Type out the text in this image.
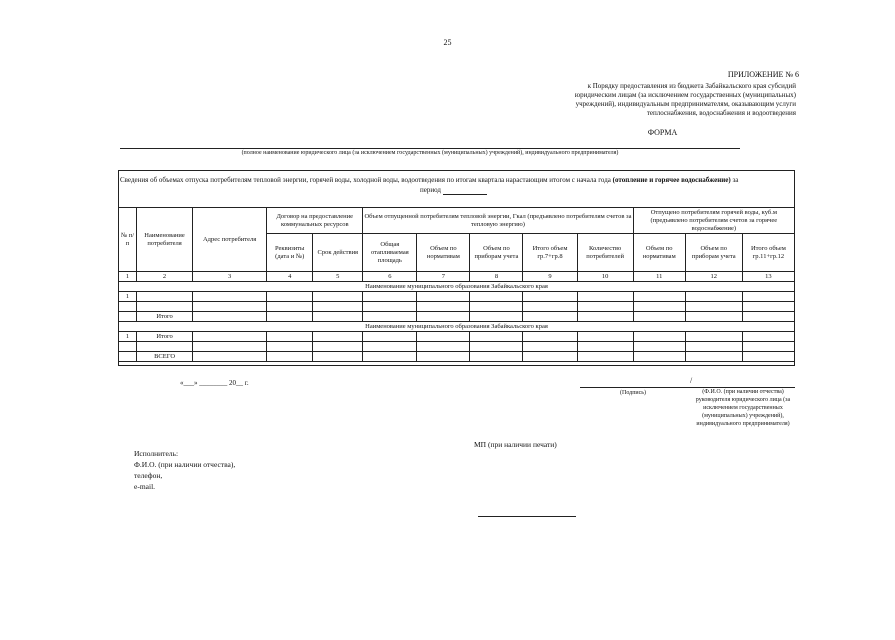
25
ПРИЛОЖЕНИЕ № 6
к Порядку предоставления из бюджета Забайкальского края субсидий
юридическим лицам (за исключением государственных (муниципальных)
учреждений), индивидуальным предпринимателям, оказывающим услуги
теплоснабжения, водоснабжения и водоотведения
ФОРМА
(полное наименование юридического лица (за исключением государственных (муниципальных) учреждений), индивидуального предпринимателя)
Сведения об объемах отпуска потребителям тепловой энергии, горячей воды, холодной воды, водоотведения по итогам квартала нарастающим итогом с начала года (отопление и горячее водоснабжение) за
период
№ п/п	Наименование потребителя	Адрес потребителя	Договор на предоставление коммунальных ресурсов		Объем отпущенной потребителям тепловой энергии, Гкал (предъявлено потребителям счетов за тепловую энергию)					Отпущено потребителям горячей воды, куб.м (предъявлено потребителям счетов за горячее водоснабжение)		
			Реквизиты (дата и №)	Срок действия	Общая отапливаемая площадь	Объем по нормативам	Объем по приборам учета	Итого объем гр.7+гр.8	Количество потребителей	Объем по нормативам	Объем по приборам учета	Итого объем гр.11+гр.12
1	2	3	4	5	6	7	8	9	10	11	12	13
Наименование муниципального образования Забайкальского края												
1												

	Итого											
Наименование муниципального образования Забайкальского края												
1	Итого											

	ВСЕГО											
«___» ________ 20__ г.	/
(Подпись)	(Ф.И.О. (при наличии отчества) руководителя юридического лица (за исключением государственных (муниципальных) учреждений), индивидуального предпринимателя)
МП (при наличии печати)
Исполнитель:
Ф.И.О. (при наличии отчества),
телефон,
e-mail.
